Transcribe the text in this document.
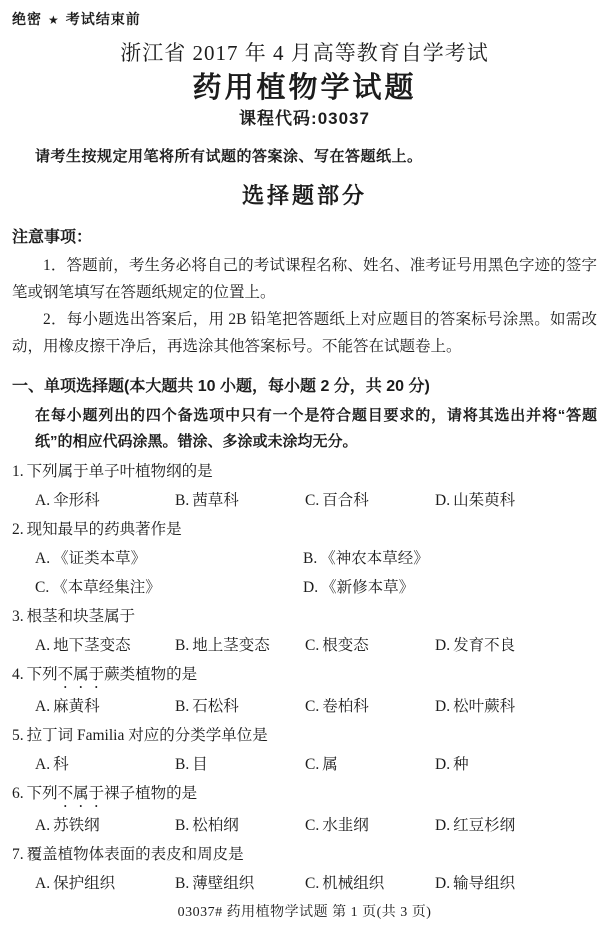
绝密 ★ 考试结束前
浙江省 2017 年 4 月高等教育自学考试
药用植物学试题
课程代码:03037
请考生按规定用笔将所有试题的答案涂、写在答题纸上。
选择题部分
注意事项：

1．答题前，考生务必将自己的考试课程名称、姓名、准考证号用黑色字迹的签字笔或钢笔填写在答题纸规定的位置上。

2．每小题选出答案后，用 2B 铅笔把答题纸上对应题目的答案标号涂黑。如需改动，用橡皮擦干净后，再选涂其他答案标号。不能答在试题卷上。

一、单项选择题(本大题共 10 小题，每小题 2 分，共 20 分)
在每小题列出的四个备选项中只有一个是符合题目要求的，请将其选出并将“答题纸”的相应代码涂黑。错涂、多涂或未涂均无分。
1. 下列属于单子叶植物纲的是
A. 伞形科	B. 茜草科	C. 百合科	D. 山茱萸科
2. 现知最早的药典著作是
A. 《证类本草》	B. 《神农本草经》
C. 《本草经集注》	D. 《新修本草》
3. 根茎和块茎属于
A. 地下茎变态	B. 地上茎变态	C. 根变态	D. 发育不良
4. 下列不属于蕨类植物的是
A. 麻黄科	B. 石松科	C. 卷柏科	D. 松叶蕨科
5. 拉丁词 Familia 对应的分类学单位是
A. 科	B. 目	C. 属	D. 种
6. 下列不属于裸子植物的是
A. 苏铁纲	B. 松柏纲	C. 水韭纲	D. 红豆杉纲
7. 覆盖植物体表面的表皮和周皮是
A. 保护组织	B. 薄壁组织	C. 机械组织	D. 输导组织
03037# 药用植物学试题 第 1 页(共 3 页)
